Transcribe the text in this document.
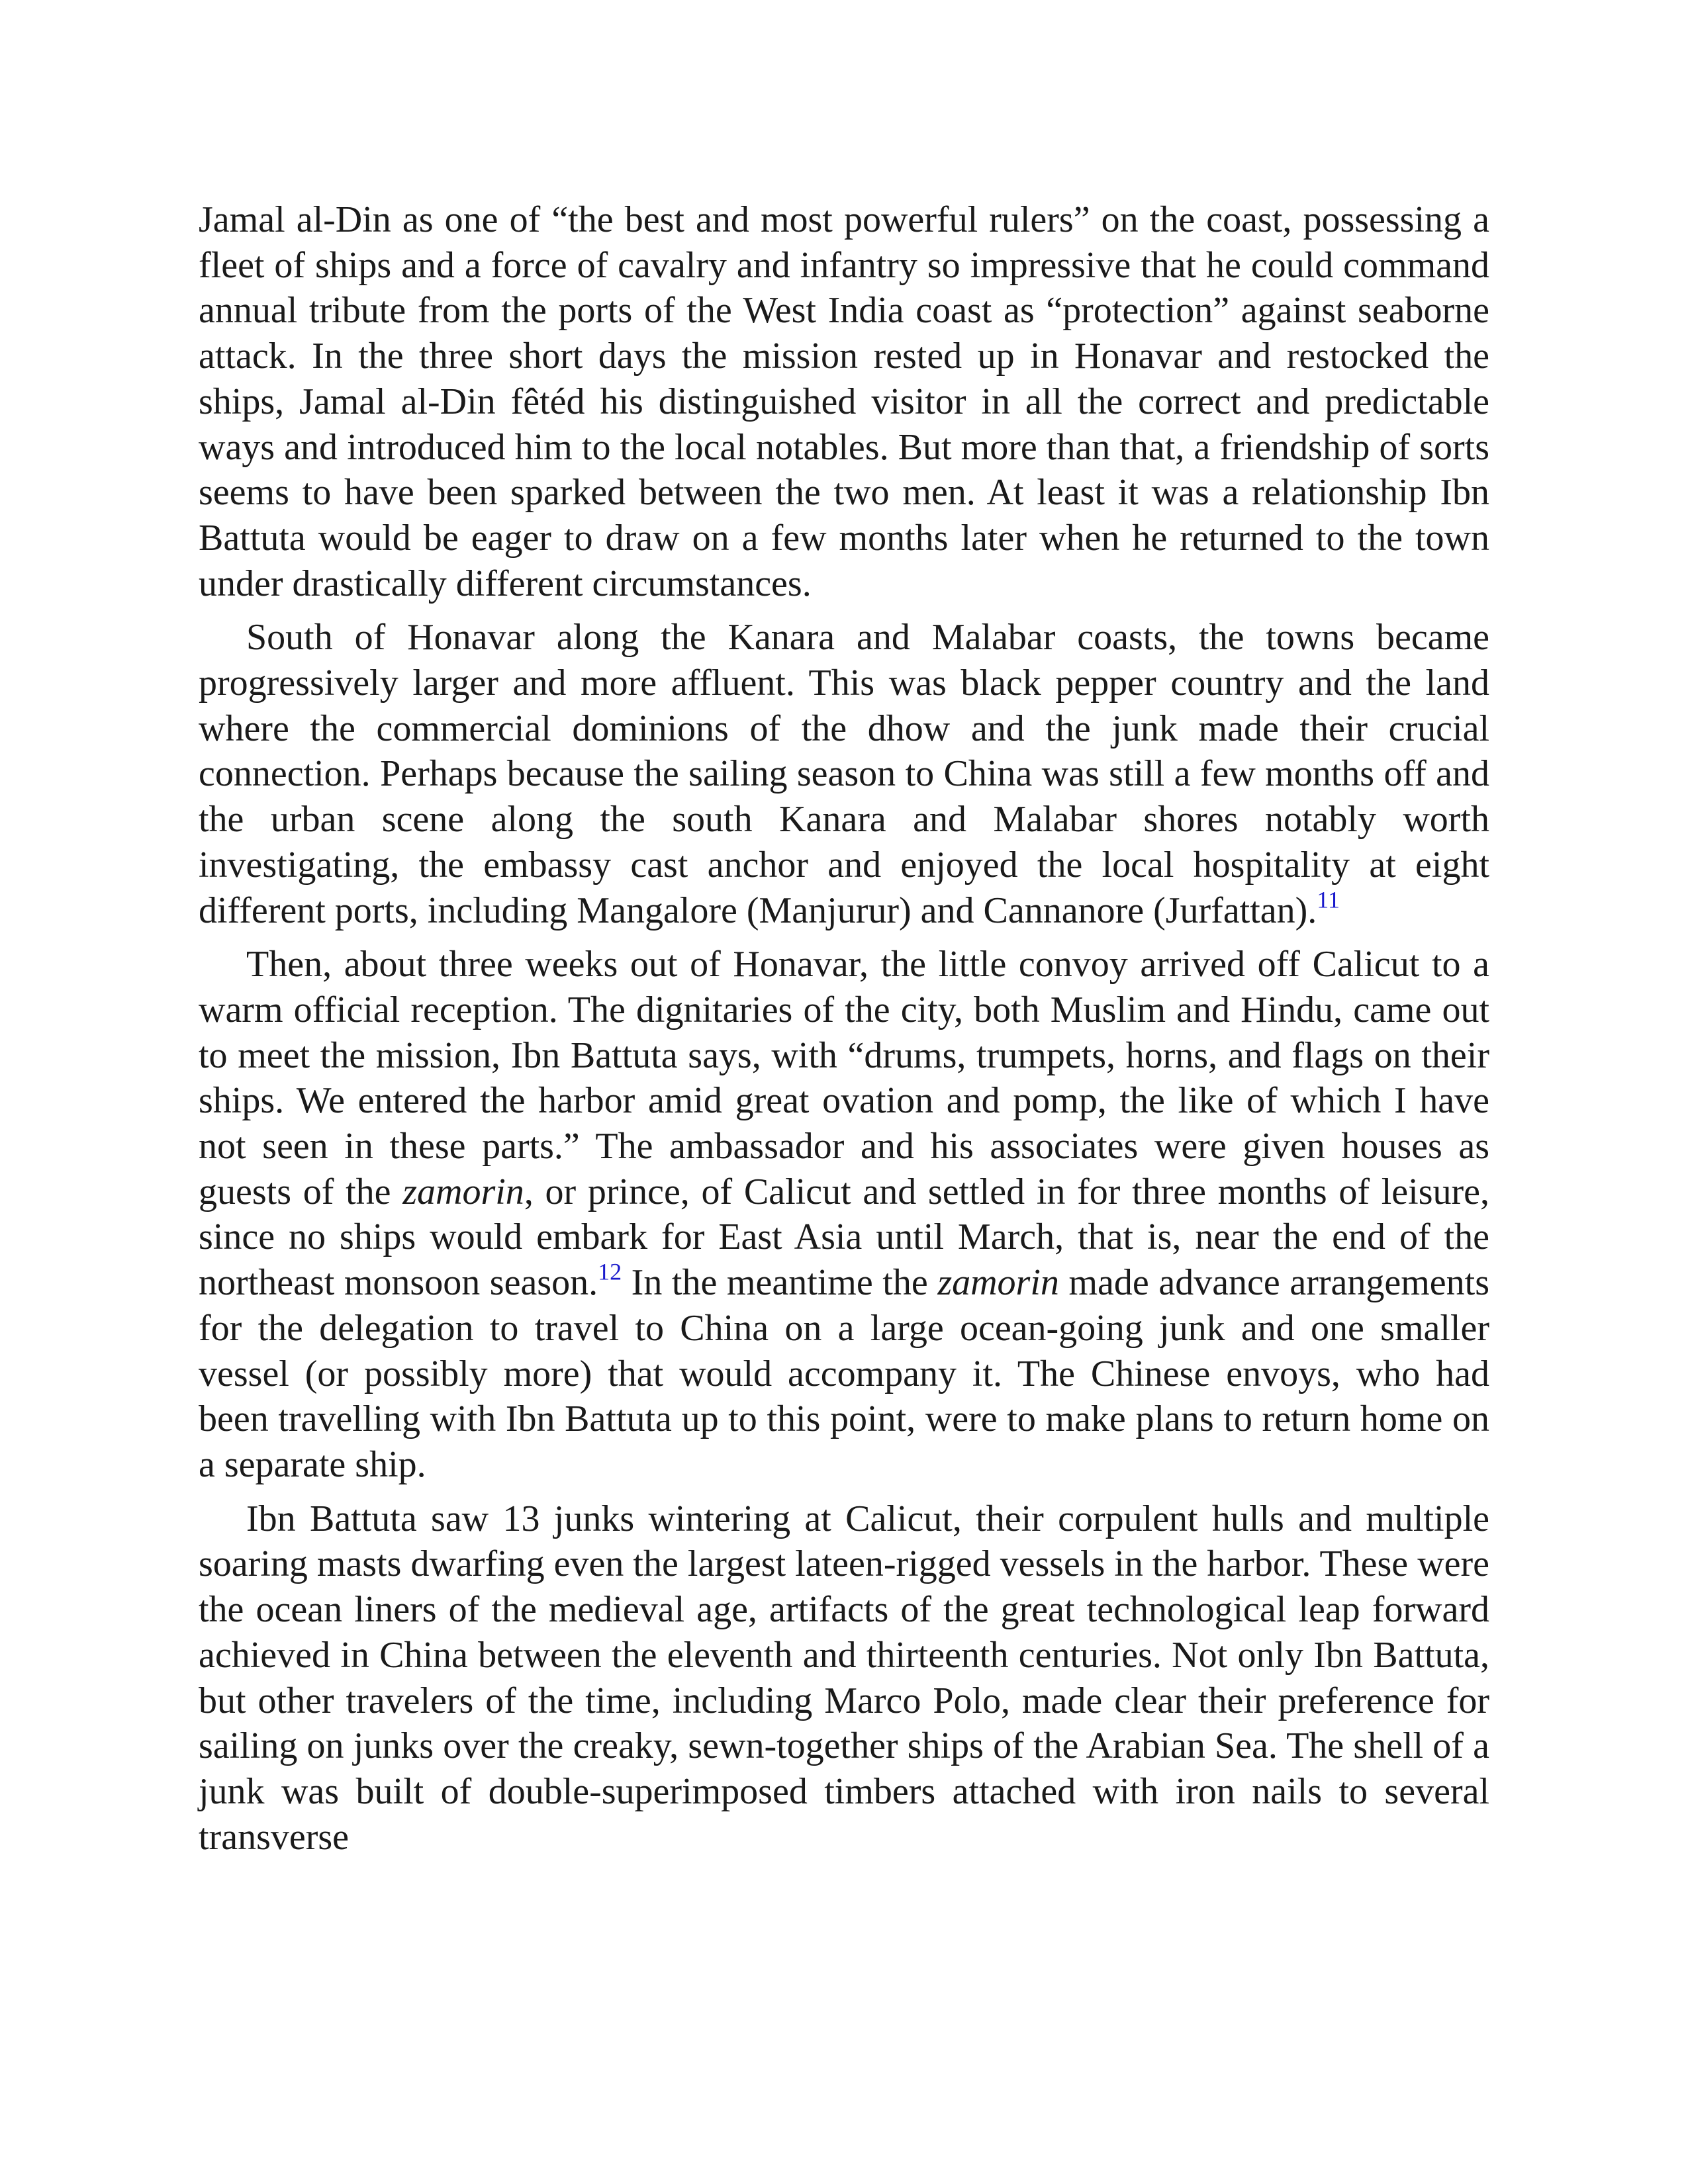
Jamal al-Din as one of “the best and most powerful rulers” on the coast, possessing a fleet of ships and a force of cavalry and infantry so impressive that he could command annual tribute from the ports of the West India coast as “protection” against seaborne attack. In the three short days the mission rested up in Honavar and restocked the ships, Jamal al-Din fêtéd his distinguished visitor in all the correct and predictable ways and introduced him to the local notables. But more than that, a friendship of sorts seems to have been sparked between the two men. At least it was a relationship Ibn Battuta would be eager to draw on a few months later when he returned to the town under drastically different circumstances.

South of Honavar along the Kanara and Malabar coasts, the towns became progressively larger and more affluent. This was black pepper country and the land where the commercial dominions of the dhow and the junk made their crucial connection. Perhaps because the sailing season to China was still a few months off and the urban scene along the south Kanara and Malabar shores notably worth investigating, the embassy cast anchor and enjoyed the local hospitality at eight different ports, including Mangalore (Manjurur) and Cannanore (Jurfattan).$^{11}$

Then, about three weeks out of Honavar, the little convoy arrived off Calicut to a warm official reception. The dignitaries of the city, both Muslim and Hindu, came out to meet the mission, Ibn Battuta says, with “drums, trumpets, horns, and flags on their ships. We entered the harbor amid great ovation and pomp, the like of which I have not seen in these parts.” The ambassador and his associates were given houses as guests of the zamorin, or prince, of Calicut and settled in for three months of leisure, since no ships would embark for East Asia until March, that is, near the end of the northeast monsoon season.$^{12}$ In the meantime the zamorin made advance arrangements for the delegation to travel to China on a large ocean-going junk and one smaller vessel (or possibly more) that would accompany it. The Chinese envoys, who had been travelling with Ibn Battuta up to this point, were to make plans to return home on a separate ship.

Ibn Battuta saw 13 junks wintering at Calicut, their corpulent hulls and multiple soaring masts dwarfing even the largest lateen-rigged vessels in the harbor. These were the ocean liners of the medieval age, artifacts of the great technological leap forward achieved in China between the eleventh and thirteenth centuries. Not only Ibn Battuta, but other travelers of the time, including Marco Polo, made clear their preference for sailing on junks over the creaky, sewn-together ships of the Arabian Sea. The shell of a junk was built of double-superimposed timbers attached with iron nails to several transverse
